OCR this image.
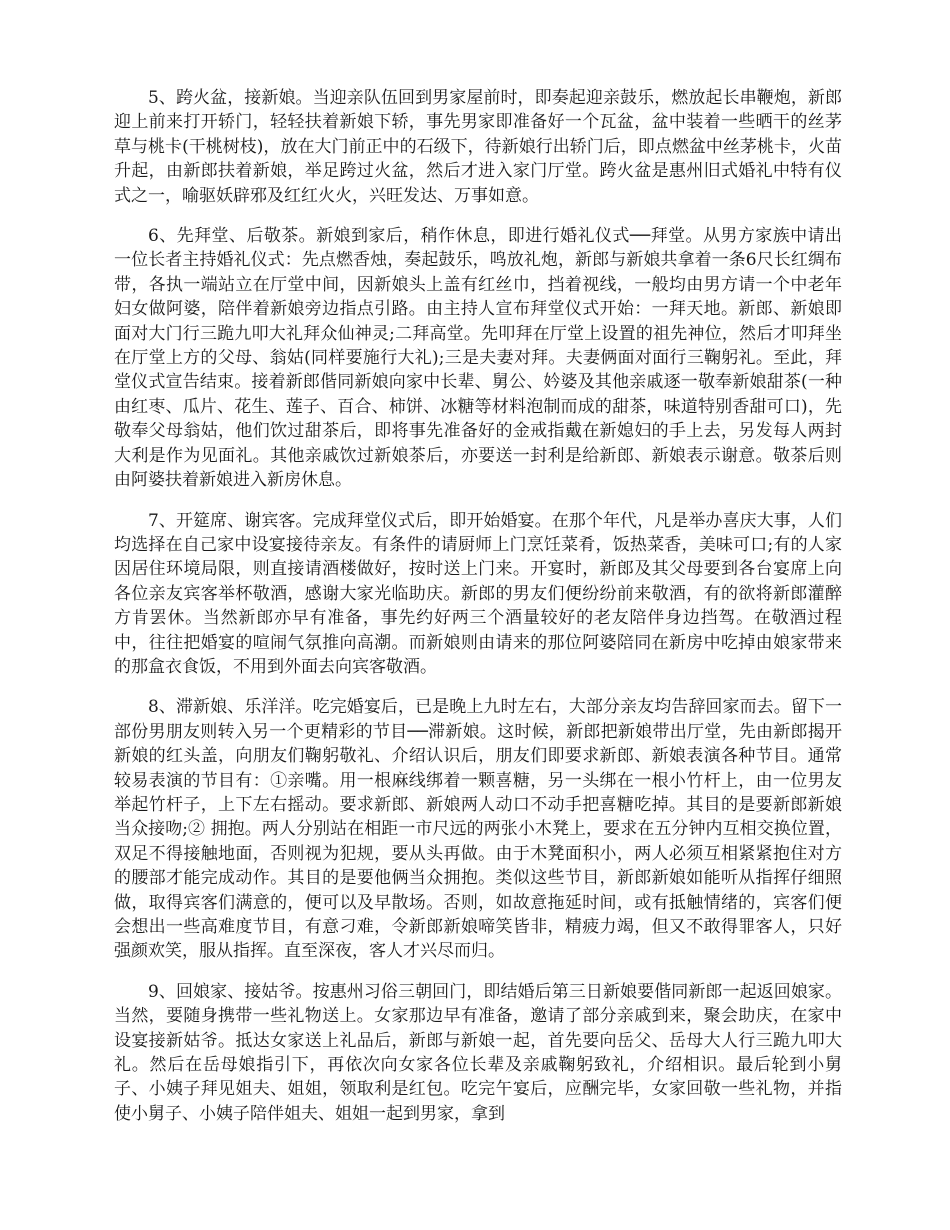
5、跨火盆，接新娘。当迎亲队伍回到男家屋前时，即奏起迎亲鼓乐，燃放起长串鞭炮，新郎迎上前来打开轿门，轻轻扶着新娘下轿，事先男家即准备好一个瓦盆，盆中装着一些晒干的丝茅草与桃卡(干桃树枝)，放在大门前正中的石级下，待新娘行出轿门后，即点燃盆中丝茅桃卡，火苗升起，由新郎扶着新娘，举足跨过火盆，然后才进入家门厅堂。跨火盆是惠州旧式婚礼中特有仪式之一，喻驱妖辟邪及红红火火，兴旺发达、万事如意。

6、先拜堂、后敬茶。新娘到家后，稍作休息，即进行婚礼仪式──拜堂。从男方家族中请出一位长者主持婚礼仪式：先点燃香烛，奏起鼓乐，鸣放礼炮，新郎与新娘共拿着一条6尺长红绸布带，各执一端站立在厅堂中间，因新娘头上盖有红丝巾，挡着视线，一般均由男方请一个中老年妇女做阿婆，陪伴着新娘旁边指点引路。由主持人宣布拜堂仪式开始：一拜天地。新郎、新娘即面对大门行三跪九叩大礼拜众仙神灵;二拜高堂。先叩拜在厅堂上设置的祖先神位，然后才叩拜坐在厅堂上方的父母、翁姑(同样要施行大礼);三是夫妻对拜。夫妻俩面对面行三鞠躬礼。至此，拜堂仪式宣告结束。接着新郎偕同新娘向家中长辈、舅公、妗婆及其他亲戚逐一敬奉新娘甜茶(一种由红枣、瓜片、花生、莲子、百合、柿饼、冰糖等材料泡制而成的甜茶，味道特别香甜可口)，先敬奉父母翁姑，他们饮过甜茶后，即将事先准备好的金戒指戴在新媳妇的手上去，另发每人两封大利是作为见面礼。其他亲戚饮过新娘茶后，亦要送一封利是给新郎、新娘表示谢意。敬茶后则由阿婆扶着新娘进入新房休息。

7、开筵席、谢宾客。完成拜堂仪式后，即开始婚宴。在那个年代，凡是举办喜庆大事，人们均选择在自己家中设宴接待亲友。有条件的请厨师上门烹饪菜肴，饭热菜香，美味可口;有的人家因居住环境局限，则直接请酒楼做好，按时送上门来。开宴时，新郎及其父母要到各台宴席上向各位亲友宾客举杯敬酒，感谢大家光临助庆。新郎的男友们便纷纷前来敬酒，有的欲将新郎灌醉方肯罢休。当然新郎亦早有准备，事先约好两三个酒量较好的老友陪伴身边挡驾。在敬酒过程中，往往把婚宴的喧闹气氛推向高潮。而新娘则由请来的那位阿婆陪同在新房中吃掉由娘家带来的那盒衣食饭，不用到外面去向宾客敬酒。

8、滞新娘、乐洋洋。吃完婚宴后，已是晚上九时左右，大部分亲友均告辞回家而去。留下一部份男朋友则转入另一个更精彩的节目──滞新娘。这时候，新郎把新娘带出厅堂，先由新郎揭开新娘的红头盖，向朋友们鞠躬敬礼、介绍认识后，朋友们即要求新郎、新娘表演各种节目。通常较易表演的节目有：①亲嘴。用一根麻线绑着一颗喜糖，另一头绑在一根小竹杆上，由一位男友举起竹杆子，上下左右摇动。要求新郎、新娘两人动口不动手把喜糖吃掉。其目的是要新郎新娘当众接吻;② 拥抱。两人分别站在相距一市尺远的两张小木凳上，要求在五分钟内互相交换位置，双足不得接触地面，否则视为犯规，要从头再做。由于木凳面积小，两人必须互相紧紧抱住对方的腰部才能完成动作。其目的是要他俩当众拥抱。类似这些节目，新郎新娘如能听从指挥仔细照做，取得宾客们满意的，便可以及早散场。否则，如故意拖延时间，或有抵触情绪的，宾客们便会想出一些高难度节目，有意刁难，令新郎新娘啼笑皆非，精疲力竭，但又不敢得罪客人，只好强颜欢笑，服从指挥。直至深夜，客人才兴尽而归。

9、回娘家、接姑爷。按惠州习俗三朝回门，即结婚后第三日新娘要偕同新郎一起返回娘家。当然，要随身携带一些礼物送上。女家那边早有准备，邀请了部分亲戚到来，聚会助庆，在家中设宴接新姑爷。抵达女家送上礼品后，新郎与新娘一起，首先要向岳父、岳母大人行三跪九叩大礼。然后在岳母娘指引下，再依次向女家各位长辈及亲戚鞠躬致礼，介绍相识。最后轮到小舅子、小姨子拜见姐夫、姐姐，领取利是红包。吃完午宴后，应酬完毕，女家回敬一些礼物，并指使小舅子、小姨子陪伴姐夫、姐姐一起到男家，拿到
